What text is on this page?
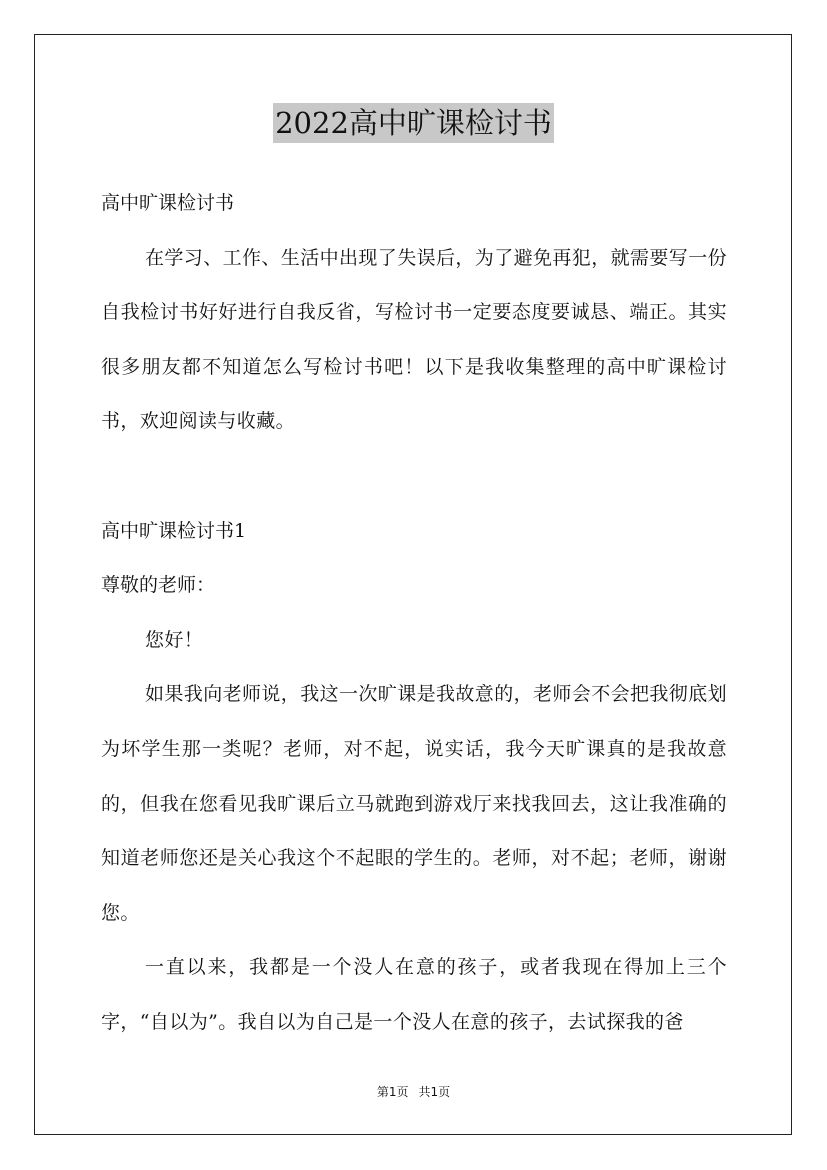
2022高中旷课检讨书

高中旷课检讨书

在学习、工作、生活中出现了失误后，为了避免再犯，就需要写一份自我检讨书好好进行自我反省，写检讨书一定要态度要诚恳、端正。其实很多朋友都不知道怎么写检讨书吧！以下是我收集整理的高中旷课检讨书，欢迎阅读与收藏。

高中旷课检讨书1

尊敬的老师：

您好！

如果我向老师说，我这一次旷课是我故意的，老师会不会把我彻底划为坏学生那一类呢？老师，对不起，说实话，我今天旷课真的是我故意的，但我在您看见我旷课后立马就跑到游戏厅来找我回去，这让我准确的知道老师您还是关心我这个不起眼的学生的。老师，对不起；老师，谢谢您。

一直以来，我都是一个没人在意的孩子，或者我现在得加上三个字，“自以为”。我自以为自己是一个没人在意的孩子，去试探我的爸

第1页 共1页
